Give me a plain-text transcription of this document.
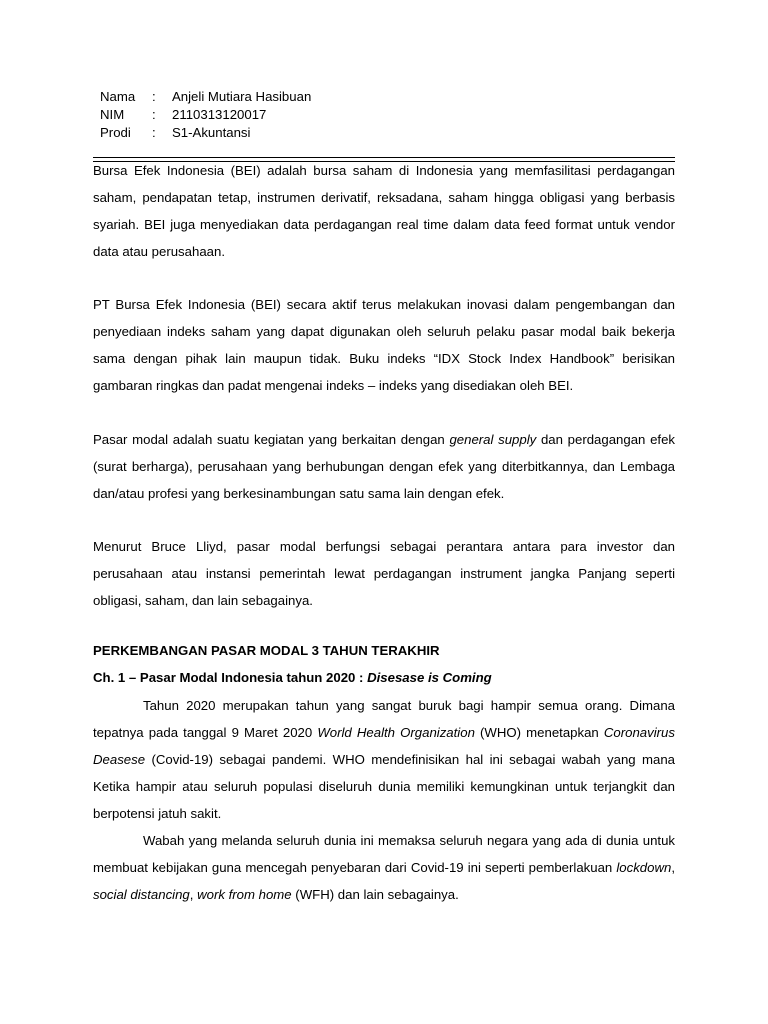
Nama	:	Anjeli Mutiara Hasibuan
NIM	:	2110313120017
Prodi	:	S1-Akuntansi

Bursa Efek Indonesia (BEI) adalah bursa saham di Indonesia yang memfasilitasi perdagangan saham, pendapatan tetap, instrumen derivatif, reksadana, saham hingga obligasi yang berbasis syariah. BEI juga menyediakan data perdagangan real time dalam data feed format untuk vendor data atau perusahaan.

PT Bursa Efek Indonesia (BEI) secara aktif terus melakukan inovasi dalam pengembangan dan penyediaan indeks saham yang dapat digunakan oleh seluruh pelaku pasar modal baik bekerja sama dengan pihak lain maupun tidak. Buku indeks “IDX Stock Index Handbook” berisikan gambaran ringkas dan padat mengenai indeks – indeks yang disediakan oleh BEI.

Pasar modal adalah suatu kegiatan yang berkaitan dengan general supply dan perdagangan efek (surat berharga), perusahaan yang berhubungan dengan efek yang diterbitkannya, dan Lembaga dan/atau profesi yang berkesinambungan satu sama lain dengan efek.

Menurut Bruce Lliyd, pasar modal berfungsi sebagai perantara antara para investor dan perusahaan atau instansi pemerintah lewat perdagangan instrument jangka Panjang seperti obligasi, saham, dan lain sebagainya.

PERKEMBANGAN PASAR MODAL 3 TAHUN TERAKHIR

Ch. 1 – Pasar Modal Indonesia tahun 2020 : Disesase is Coming

Tahun 2020 merupakan tahun yang sangat buruk bagi hampir semua orang. Dimana tepatnya pada tanggal 9 Maret 2020 World Health Organization (WHO) menetapkan Coronavirus Deasese (Covid-19) sebagai pandemi. WHO mendefinisikan hal ini sebagai wabah yang mana Ketika hampir atau seluruh populasi diseluruh dunia memiliki kemungkinan untuk terjangkit dan berpotensi jatuh sakit.

Wabah yang melanda seluruh dunia ini memaksa seluruh negara yang ada di dunia untuk membuat kebijakan guna mencegah penyebaran dari Covid-19 ini seperti pemberlakuan lockdown, social distancing, work from home (WFH) dan lain sebagainya.
